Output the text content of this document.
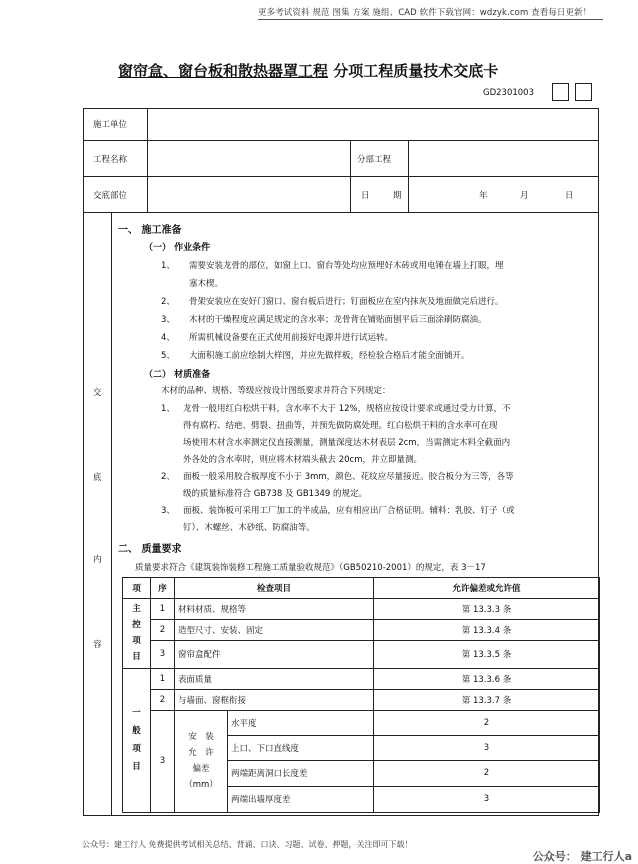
更多考试资料 规范 图集 方案 施组、CAD 软件下载官网：wdzyk.com 查看每日更新！
窗帘盒、窗台板和散热器罩工程 分项工程质量技术交底卡
GD2301003
施工单位
工程名称	分部工程
交底部位	日	期	年	月	日
交
底
内
容
一、 施工准备
（一） 作业条件
1、 需要安装龙骨的部位，如窗上口、窗台等处均应预埋好木砖或用电锤在墙上打眼，埋
塞木楔。
2、 骨架安装应在安好门窗口、窗台板后进行；钉面板应在室内抹灰及地面做完后进行。
3、 木材的干燥程度应满足规定的含水率；龙骨背在铺贴面刨平后三面涂刷防腐油。
4、 所需机械设备要在正式使用前接好电源并进行试运转。
5、 大面积施工前应绘制大样图，并应先做样板，经检验合格后才能全面铺开。
（二） 材质准备
木材的品种、规格、等级应按设计图纸要求并符合下列规定：
1、 龙骨一般用红白松烘干料，含水率不大于 12%，规格应按设计要求或通过受力计算，不
得有腐朽、结疤、劈裂、扭曲等，并预先做防腐处理。红白松烘干料的含水率可在现
场使用木材含水率测定仪直接测量，测量深度达木材表层 2cm，当需测定木料全截面内
外各处的含水率时，则应将木材端头截去 20cm，并立即量测。
2、 面板一般采用胶合板厚度不小于 3mm，颜色、花纹应尽量接近。胶合板分为三等，各等
级的质量标准符合 GB738 及 GB1349 的规定。
3、 面板、装饰板可采用工厂加工的半成品，应有相应出厂合格证明。辅料：乳胶、钉子（或
钉）、木螺丝、木砂纸、防腐油等。
二、 质量要求
质量要求符合《建筑装饰装修工程施工质量验收规范》（GB50210-2001）的规定，表 3－17
项	序	检查项目		允许偏差或允许值
主控项目	1	材料材质、规格等		第 13.3.3 条
	2	造型尺寸、安装、固定		第 13.3.4 条
	3	窗帘盒配件		第 13.3.5 条
一般项目	1	表面质量		第 13.3.6 条
	2	与墙面、窗框衔接		第 13.3.7 条
	3	安　装
允　许
偏差
（mm）	水平度	2
			上口、下口直线度	3
			两端距离洞口长度差	2
			两端出墙厚度差	3
公众号：建工行人 免费提供考试相关总结、背诵、口诀、习题、试卷、押题，关注即可下载！
公众号： 建工行人a
